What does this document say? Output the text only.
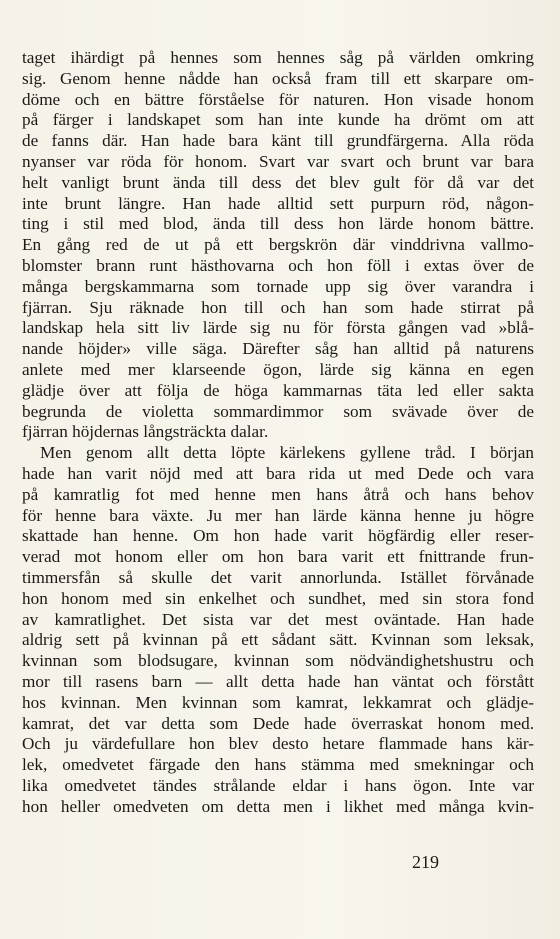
taget ihärdigt på hennes som hennes såg på världen omkring
sig. Genom henne nådde han också fram till ett skarpare om-
döme och en bättre förståelse för naturen. Hon visade honom
på färger i landskapet som han inte kunde ha drömt om att
de fanns där. Han hade bara känt till grundfärgerna. Alla röda
nyanser var röda för honom. Svart var svart och brunt var bara
helt vanligt brunt ända till dess det blev gult för då var det
inte brunt längre. Han hade alltid sett purpurn röd, någon-
ting i stil med blod, ända till dess hon lärde honom bättre.
En gång red de ut på ett bergskrön där vinddrivna vallmo-
blomster brann runt hästhovarna och hon föll i extas över de
många bergskammarna som tornade upp sig över varandra i
fjärran. Sju räknade hon till och han som hade stirrat på
landskap hela sitt liv lärde sig nu för första gången vad »blå-
nande höjder» ville säga. Därefter såg han alltid på naturens
anlete med mer klarseende ögon, lärde sig känna en egen
glädje över att följa de höga kammarnas täta led eller sakta
begrunda de violetta sommardimmor som svävade över de
fjärran höjdernas långsträckta dalar.
Men genom allt detta löpte kärlekens gyllene tråd. I början
hade han varit nöjd med att bara rida ut med Dede och vara
på kamratlig fot med henne men hans åtrå och hans behov
för henne bara växte. Ju mer han lärde känna henne ju högre
skattade han henne. Om hon hade varit högfärdig eller reser-
verad mot honom eller om hon bara varit ett fnittrande frun-
timmersfån så skulle det varit annorlunda. Istället förvånade
hon honom med sin enkelhet och sundhet, med sin stora fond
av kamratlighet. Det sista var det mest oväntade. Han hade
aldrig sett på kvinnan på ett sådant sätt. Kvinnan som leksak,
kvinnan som blodsugare, kvinnan som nödvändighetshustru och
mor till rasens barn — allt detta hade han väntat och förstått
hos kvinnan. Men kvinnan som kamrat, lekkamrat och glädje-
kamrat, det var detta som Dede hade överraskat honom med.
Och ju värdefullare hon blev desto hetare flammade hans kär-
lek, omedvetet färgade den hans stämma med smekningar och
lika omedvetet tändes strålande eldar i hans ögon. Inte var
hon heller omedveten om detta men i likhet med många kvin-
219
